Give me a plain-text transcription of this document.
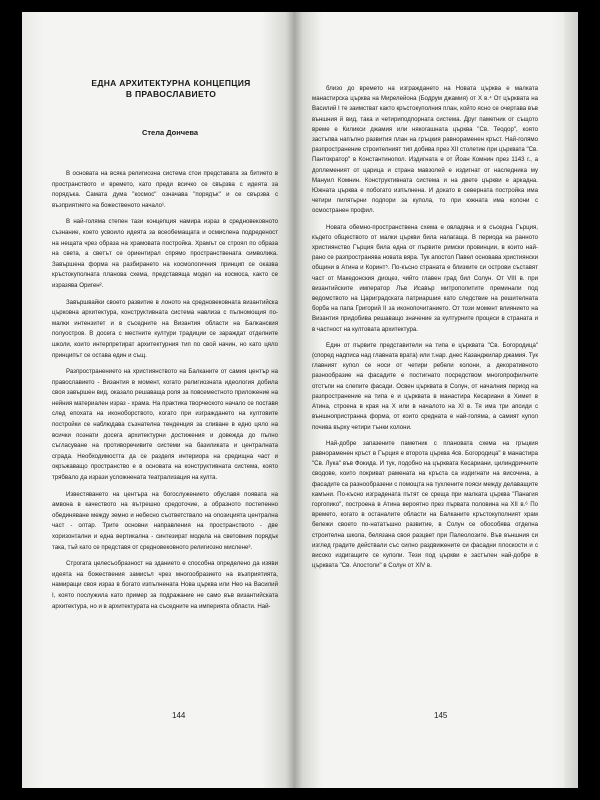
ЕДНА АРХИТЕКТУРНА КОНЦЕПЦИЯ
В ПРАВОСЛАВИЕТО
Стела Дончева

В основата на всяка религиозна система стои представата за битието в пространството и времето, като преди всичко се свързва с идеята за порядъка. Самата дума "космос" означава "порядък" и се свързва с възприятието на божественото начало¹.

В най-голяма степен тази концепция намира израз в средновековното съзнание, което усвоило идеята за всеобемащата и осмислена подреденост на нещата чрез образа на храмовата постройка. Храмът се строял по образа на света, а светът се ориентирал спрямо пространствената символика. Завършена форма на разбирането на космологичния принцип се оказва кръстокуполната планова схема, представяща модел на космоса, както се изразява Ориген².

Завършвайки своето развитие в лоното на средновековната византийска църковна архитектура, конструктивната система навлиза с пълномощия по-малки интензитет и в съседните на Византия области на Балканския полуостров. В досега с местните култури традиции се зараждат отделните школи, които интерпретират архитектурния тип по свой начин, но като цяло принципът се остава един и същ.

Разпространението на християнството на Балканите от самия център на православието - Византия в момент, когато религиозната идеология добила своя завършен вид, оказало решаваща роля за повсеместното приложение на нейния материален израз - храма. На практика творческото начало се поставя след епохата на иконоборството, когато при изграждането на култовите постройки се наблюдава съзнателна тенденция за сливане в едно цяло на всички познати досега архитектурни достижения и довежда до пълно съгласуване на противоречивите системи на базиликата и централната сграда. Необходимостта да се разделя интериора на средищна част и окръжаващо пространство е в основата на конструктивната система, която трябвало да изрази усложнената театрализация на култа.

Известяването на центъра на богослужението обуславя появата на амвона в качеството на вътрешно средоточие, а образното постепенно обединяване между земно и небесно съответствало на опозицията централна част - олтар. Трите основни направления на пространството - две хоризонтални и една вертикална - синтезират модела на световния порядък така, тъй като се представя от средновековното религиозно мислене³.

Строгата целесъобразност на зданието е способна определено да изяви идеята на божествения замисъл чрез многообразието на възприятията, намиращи своя израз в богато изпълнената Нова църква или Нео на Василий I, която послужила като пример за подражание не само във византийската архитектура, но и в архитектурата на съседните на империята области. Най-

144

близо до времето на изграждането на Новата църква е малката манастирска църква на Мирелейона (Бодрум джамия) от X в.⁴ От църквата на Василий I те заимстват както кръстокуполния план, който ясно се очертава във външния й вид, така и четириподпорната система. Друг паметник от същото време е Киликси джамия или някогашната църква "Св. Теодор", която застъпва напълно развития план на гръцкия равнораменен кръст. Най-голямо разпространение строителният тип добива през XII столетие при църквата "Св. Пантократор" в Константинопол. Издигната е от Йоан Комнин през 1143 г., а доплеменият от царица и страна мавзолей е издигнат от наследника му Мануил Комнин. Конструктивната система и на двете църкви е аркадна. Южната църква е побогато изпълнена. И докато в северната постройка има четири пилятьрни подпори за купола, то при южната има колони с осмостранен профил.

Новата обемно-пространствена схема е овладяна и в съседна Гърция, където обществото от малки църкви била налагаща. В периода на ранното християнство Гърция била една от първите римски провинции, в които най-рано се разпространява новата вяра. Тук апостол Павел основава християнски общини в Атина и Коринт⁵. По-късно страната е близките си острови съставят част от Македонския диоцез, чийто главен град бил Солун. От VIII в. при византийските император Лъв Исавър митрополитите преминали под ведомството на Цариградската патриаршия като следствие на решителната борба на папа Григорий II за иконопочитанието. От този момент влиянието на Византия придобива решаващо значение за културните процеси в страната и в частност на култовата архитектура.

Един от първите представители на типа е църквата "Св. Богородица" (според надписа над главната врата) или т.нар. днес Казанджилар джамия. Тук главният купол се носи от четири ребели колони, а декоративното разнообразие на фасадите е постигнато посредством многопрофилните отстъпи на слепите фасади. Освен църквата в Солун, от началния период на разпространение на типа е и църквата в манастира Кесариани в Химет в Атина, строена в края на X или в началото на XI в. Тя има три апсиди с външнопристранна форма, от които средната е най-голяма, а самият купол почива върху четири тънки колони.

Най-добре запазените паметник с плановата схема на гръцкия равнораменен кръст в Гърция е второта църква 4св. Богородица" в манастира "Св. Лука" във Фокида. И тук, подобно на църквата Кесариани, цилиндричните сводове, които покриват рамената на кръста са издигнати на височина, а фасадите са разнообразени с помощта на тухлените пояси между делаващите камъни. По-късно изградената пътят се среща при малката църква "Панагия горгопико", построена в Атина вероятно през първата половина на XII в.⁶ По времето, когато в останалите области на Балканите кръстокуполният храм бележи своето по-нататъшно развитие, в Солун се обособява отделна строителна школа, белязана своя разцвет при Палеолозите. Във външния си изглед градите действали със силно раздвижените си фасадни плоскости и с високо издигащите се куполи. Тези под църкви е застъпен най-добре в църквата "Св. Апостоли" в Солун от XIV в.

145
